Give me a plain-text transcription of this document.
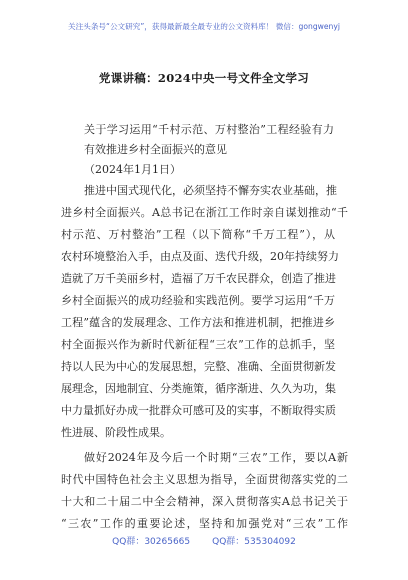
关注头条号“公文研究”，获得最新最全最专业的公文资料库！ 微信：gongwenyj
党课讲稿：2024中央一号文件全文学习
关于学习运用“千村示范、万村整治”工程经验有力
有效推进乡村全面振兴的意见
（2024年1月1日）
推进中国式现代化，必须坚持不懈夯实农业基础，推
进乡村全面振兴。A总书记在浙江工作时亲自谋划推动“千
村示范、万村整治”工程（以下简称“千万工程”），从
农村环境整治入手，由点及面、迭代升级，20年持续努力
造就了万千美丽乡村，造福了万千农民群众，创造了推进
乡村全面振兴的成功经验和实践范例。要学习运用“千万
工程”蕴含的发展理念、工作方法和推进机制，把推进乡
村全面振兴作为新时代新征程“三农”工作的总抓手，坚
持以人民为中心的发展思想，完整、准确、全面贯彻新发
展理念，因地制宜、分类施策，循序渐进、久久为功，集
中力量抓好办成一批群众可感可及的实事，不断取得实质
性进展、阶段性成果。
做好2024年及今后一个时期“三农”工作，要以A新
时代中国特色社会主义思想为指导，全面贯彻落实党的二
十大和二十届二中全会精神，深入贯彻落实A总书记关于
“三农”工作的重要论述，坚持和加强党对“三农”工作
QQ群：30265665 QQ群：535304092
